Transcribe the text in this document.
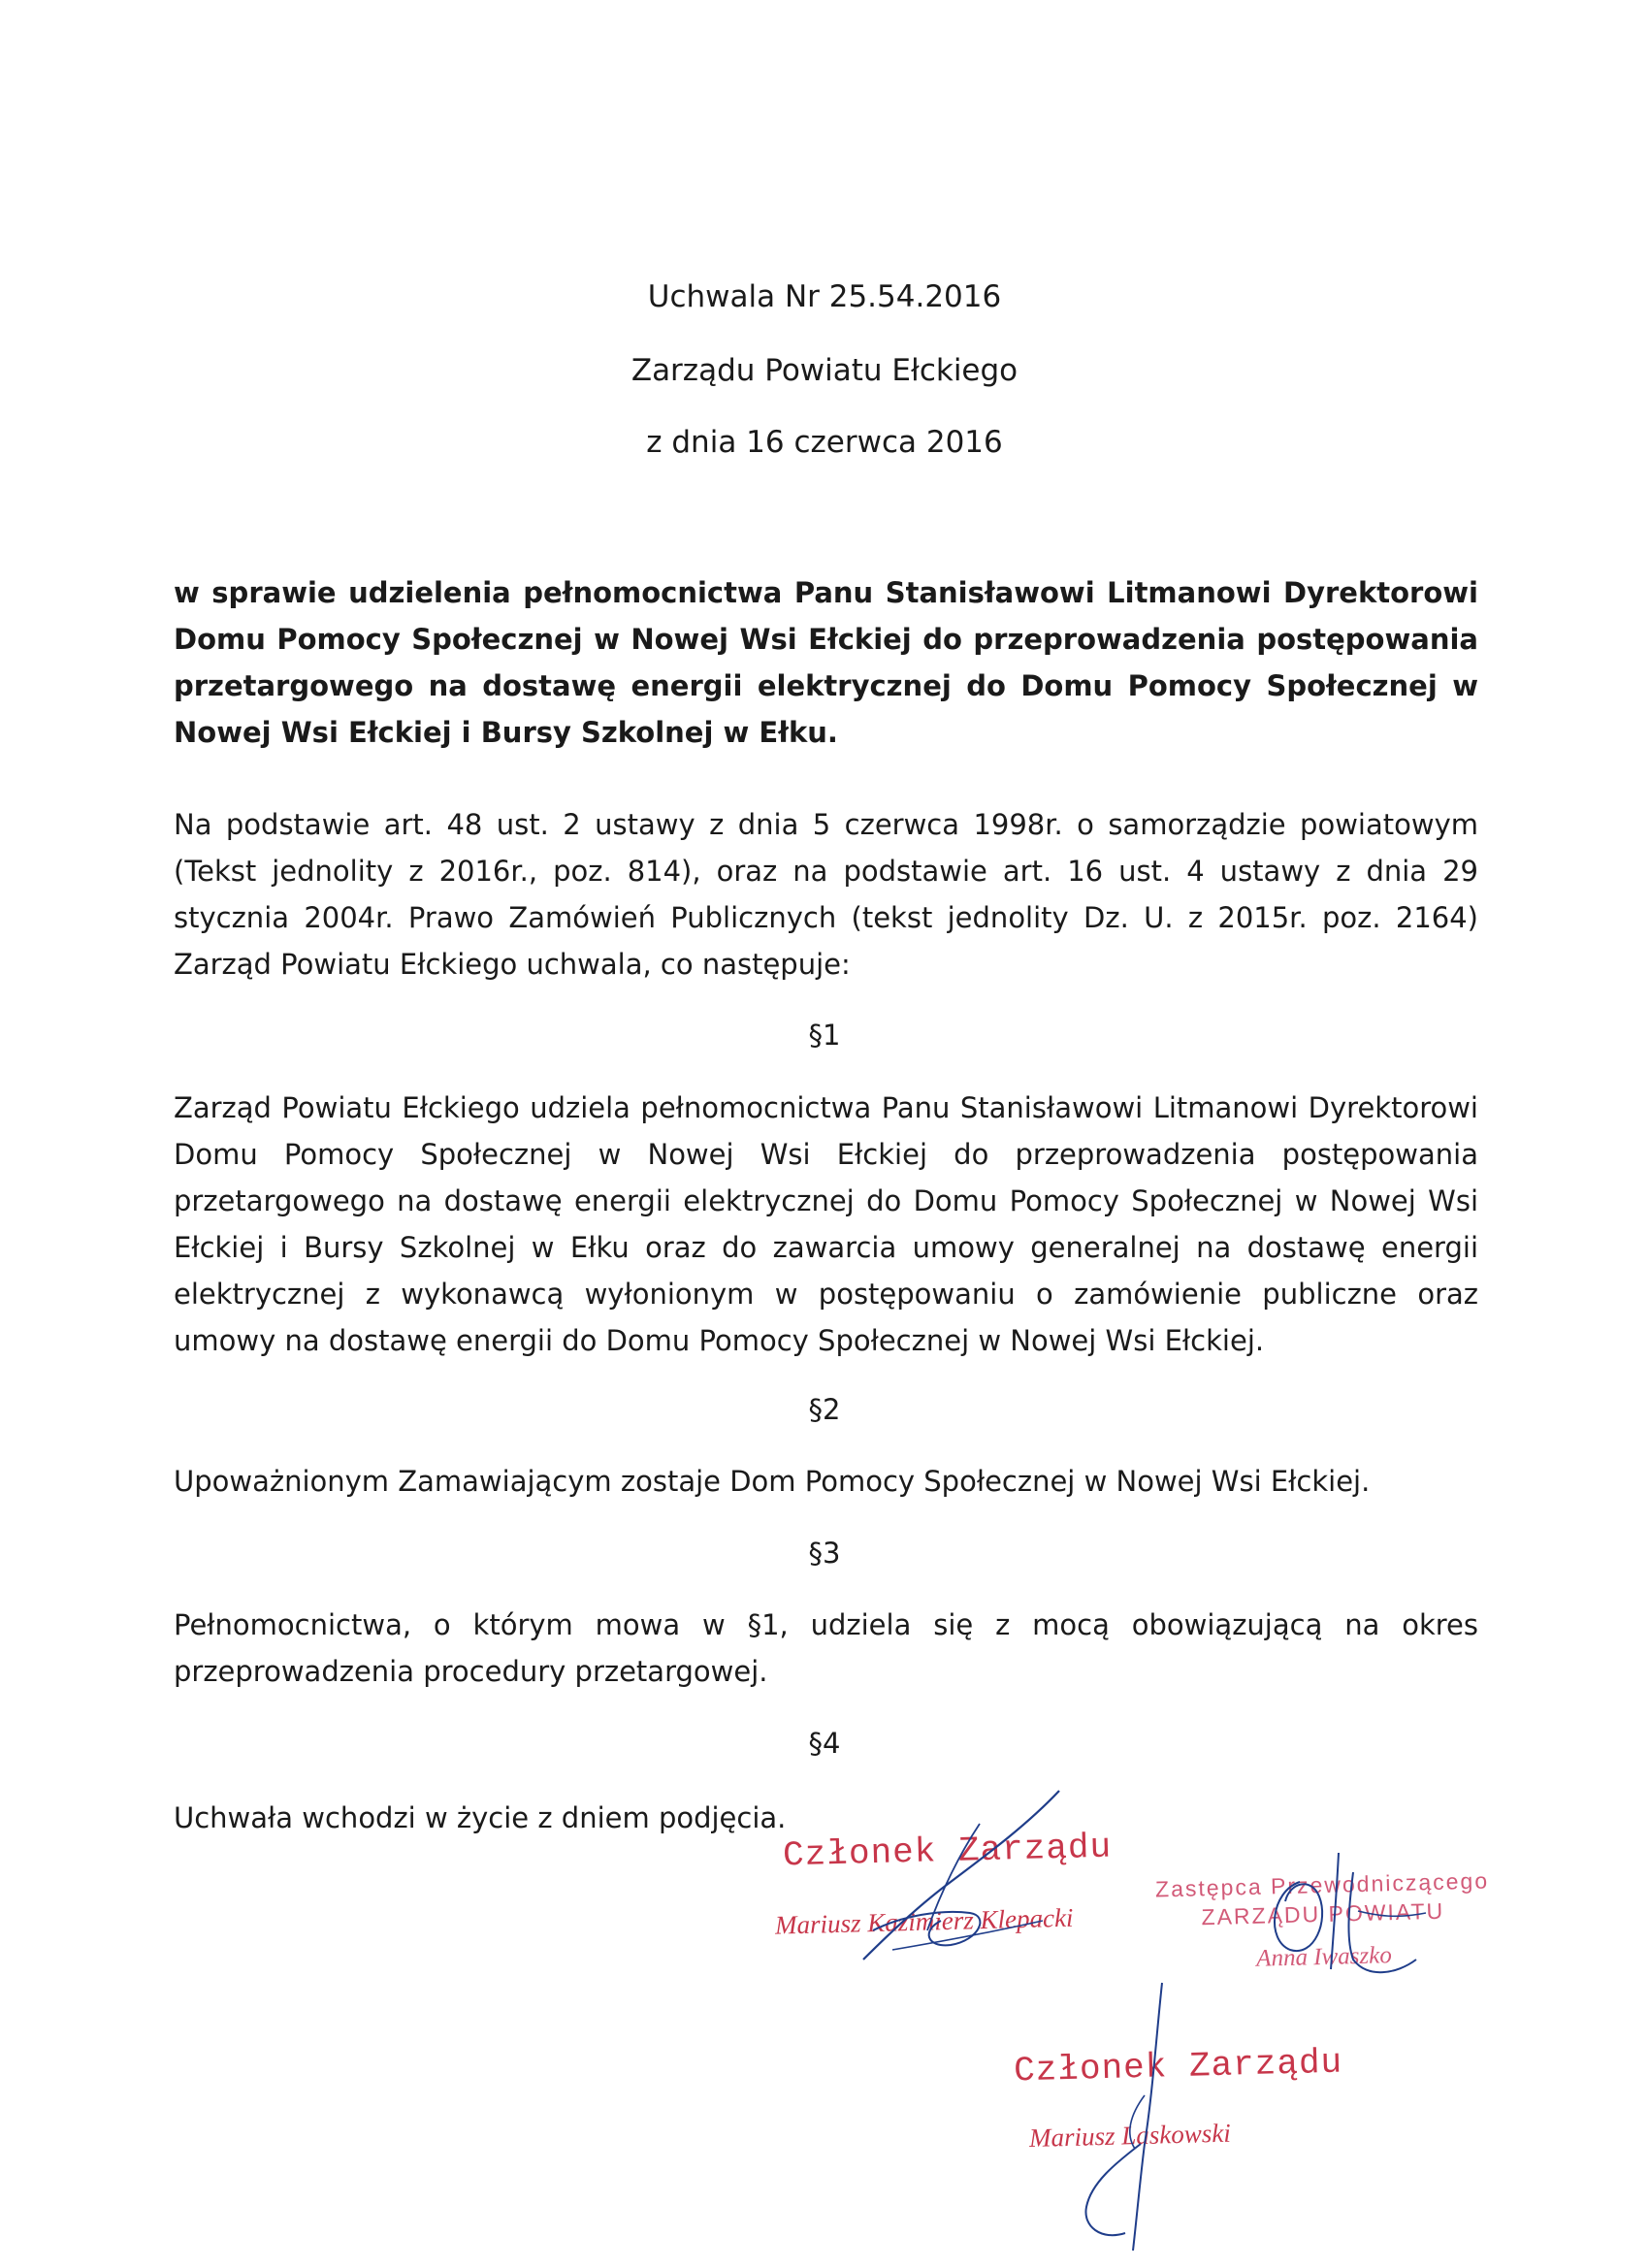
Uchwala Nr 25.54.2016
Zarządu Powiatu Ełckiego
z dnia 16 czerwca 2016
w sprawie udzielenia pełnomocnictwa Panu Stanisławowi Litmanowi Dyrektorowi Domu Pomocy Społecznej w Nowej Wsi Ełckiej do przeprowadzenia postępowania przetargowego na dostawę energii elektrycznej do Domu Pomocy Społecznej w Nowej Wsi Ełckiej i Bursy Szkolnej w Ełku.
Na podstawie art. 48 ust. 2 ustawy z dnia 5 czerwca 1998r. o samorządzie powiatowym (Tekst jednolity z 2016r., poz. 814), oraz na podstawie art. 16 ust. 4 ustawy z dnia 29 stycznia 2004r. Prawo Zamówień Publicznych (tekst jednolity Dz. U. z 2015r. poz. 2164) Zarząd Powiatu Ełckiego uchwala, co następuje:
§1
Zarząd Powiatu Ełckiego udziela pełnomocnictwa Panu Stanisławowi Litmanowi Dyrektorowi Domu Pomocy Społecznej w Nowej Wsi Ełckiej do przeprowadzenia postępowania przetargowego na dostawę energii elektrycznej do Domu Pomocy Społecznej w Nowej Wsi Ełckiej i Bursy Szkolnej w Ełku oraz do zawarcia umowy generalnej na dostawę energii elektrycznej z wykonawcą wyłonionym w postępowaniu o zamówienie publiczne oraz umowy na dostawę energii do Domu Pomocy Społecznej w Nowej Wsi Ełckiej.
§2
Upoważnionym Zamawiającym zostaje Dom Pomocy Społecznej w Nowej Wsi Ełckiej.
§3
Pełnomocnictwa, o którym mowa w §1, udziela się z mocą obowiązującą na okres przeprowadzenia procedury przetargowej.
§4
Uchwała wchodzi w życie z dniem podjęcia.
Członek Zarządu
Mariusz Kazimierz Klepacki
Zastępca Przewodniczącego
ZARZĄDU POWIATU
Anna Iwaszko
Członek Zarządu
Mariusz Laskowski
